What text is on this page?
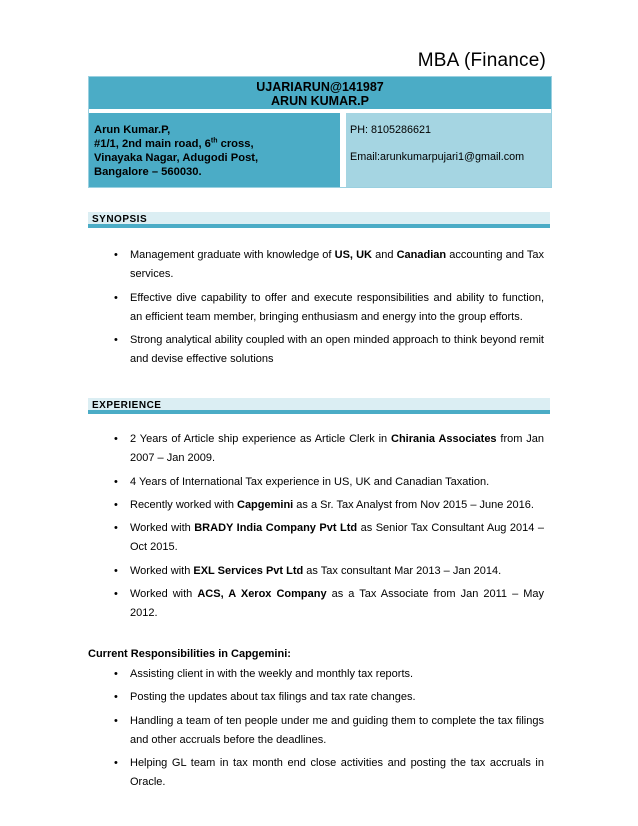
MBA (Finance)
UJARIARUN@141987
ARUN KUMAR.P
Arun Kumar.P,
#1/1, 2nd main road, 6th cross,
Vinayaka Nagar, Adugodi Post,
Bangalore – 560030.
PH: 8105286621
Email:arunkumarpujari1@gmail.com
SYNOPSIS
• Management graduate with knowledge of US, UK and Canadian accounting and Tax services.
• Effective dive capability to offer and execute responsibilities and ability to function, an efficient team member, bringing enthusiasm and energy into the group efforts.
• Strong analytical ability coupled with an open minded approach to think beyond remit and devise effective solutions
EXPERIENCE
• 2 Years of Article ship experience as Article Clerk in Chirania Associates from Jan 2007 – Jan 2009.
• 4 Years of International Tax experience in US, UK and Canadian Taxation.
• Recently worked with Capgemini as a Sr. Tax Analyst from Nov 2015 – June 2016.
• Worked with BRADY India Company Pvt Ltd as Senior Tax Consultant Aug 2014 – Oct 2015.
• Worked with EXL Services Pvt Ltd as Tax consultant Mar 2013 – Jan 2014.
• Worked with ACS, A Xerox Company as a Tax Associate from Jan 2011 – May 2012.
Current Responsibilities in Capgemini:
• Assisting client in with the weekly and monthly tax reports.
• Posting the updates about tax filings and tax rate changes.
• Handling a team of ten people under me and guiding them to complete the tax filings and other accruals before the deadlines.
• Helping GL team in tax month end close activities and posting the tax accruals in Oracle.
